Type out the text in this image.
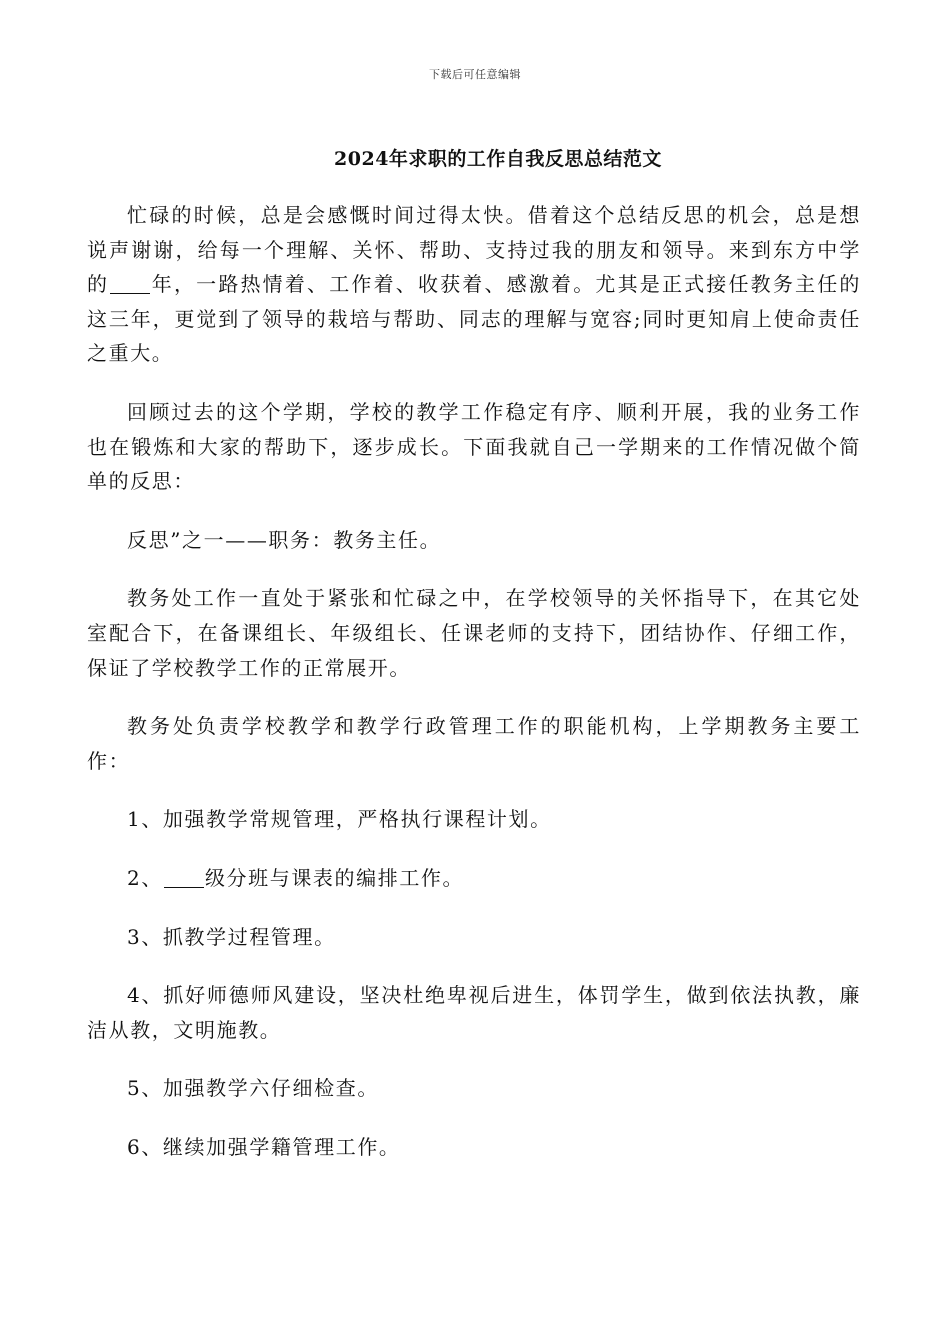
下载后可任意编辑
2024年求职的工作自我反思总结范文

忙碌的时候，总是会感慨时间过得太快。借着这个总结反思的机会，总是想说声谢谢，给每一个理解、关怀、帮助、支持过我的朋友和领导。来到东方中学的 年，一路热情着、工作着、收获着、感激着。尤其是正式接任教务主任的这三年，更觉到了领导的栽培与帮助、同志的理解与宽容;同时更知肩上使命责任之重大。

回顾过去的这个学期，学校的教学工作稳定有序、顺利开展，我的业务工作也在锻炼和大家的帮助下，逐步成长。下面我就自己一学期来的工作情况做个简单的反思：

反思”之一——职务：教务主任。

教务处工作一直处于紧张和忙碌之中，在学校领导的关怀指导下，在其它处室配合下，在备课组长、年级组长、任课老师的支持下，团结协作、仔细工作，保证了学校教学工作的正常展开。

教务处负责学校教学和教学行政管理工作的职能机构，上学期教务主要工作：

1、加强教学常规管理，严格执行课程计划。

2、 级分班与课表的编排工作。

3、抓教学过程管理。

4、抓好师德师风建设，坚决杜绝卑视后进生，体罚学生，做到依法执教，廉洁从教，文明施教。

5、加强教学六仔细检查。

6、继续加强学籍管理工作。
